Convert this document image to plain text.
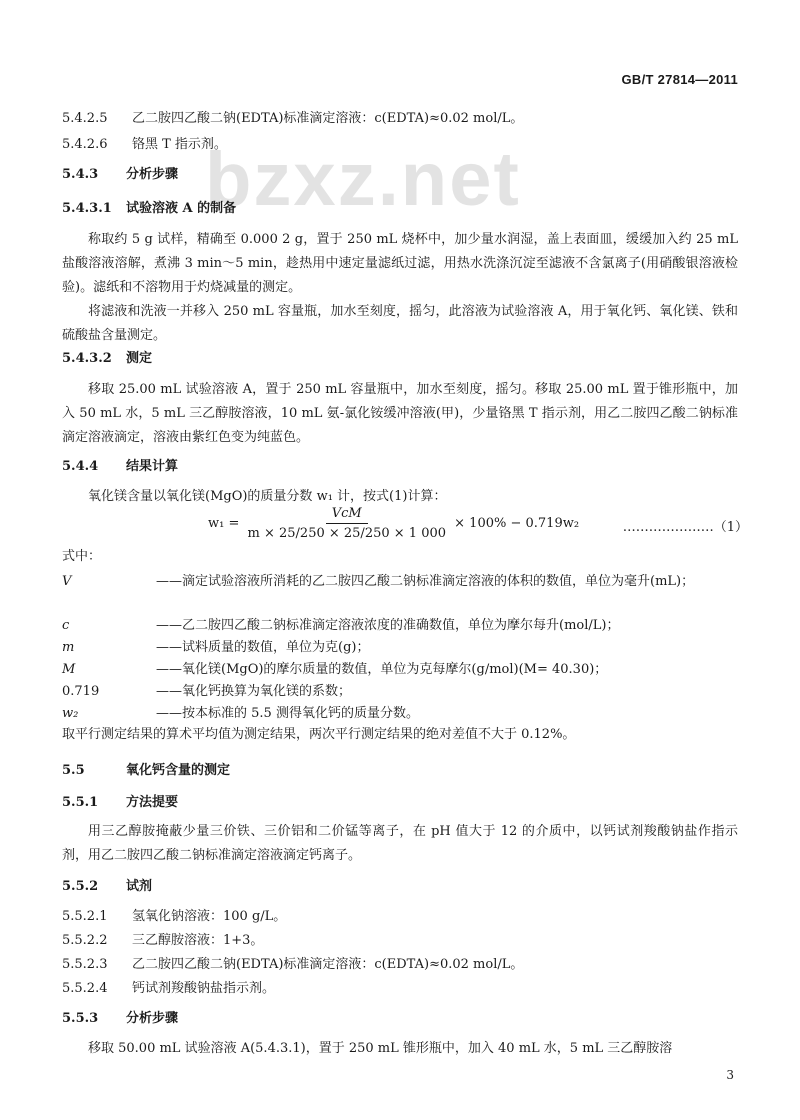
GB/T 27814—2011
bzxz.net
5.4.2.5 乙二胺四乙酸二钠(EDTA)标准滴定溶液：c(EDTA)≈0.02 mol/L。
5.4.2.6 铬黑 T 指示剂。
5.4.3 分析步骤
5.4.3.1 试验溶液 A 的制备
称取约 5 g 试样，精确至 0.000 2 g，置于 250 mL 烧杯中，加少量水润湿，盖上表面皿，缓缓加入约 25 mL 盐酸溶液溶解，煮沸 3 min～5 min，趁热用中速定量滤纸过滤，用热水洗涤沉淀至滤液不含氯离子(用硝酸银溶液检验)。滤纸和不溶物用于灼烧减量的测定。
将滤液和洗液一并移入 250 mL 容量瓶，加水至刻度，摇匀，此溶液为试验溶液 A，用于氧化钙、氧化镁、铁和硫酸盐含量测定。
5.4.3.2 测定
移取 25.00 mL 试验溶液 A，置于 250 mL 容量瓶中，加水至刻度，摇匀。移取 25.00 mL 置于锥形瓶中，加入 50 mL 水，5 mL 三乙醇胺溶液，10 mL 氨-氯化铵缓冲溶液(甲)，少量铬黑 T 指示剂，用乙二胺四乙酸二钠标准滴定溶液滴定，溶液由紫红色变为纯蓝色。
5.4.4 结果计算
氧化镁含量以氧化镁(MgO)的质量分数 w₁ 计，按式(1)计算：
w₁ =
VcM
m × 25/250 × 25/250 × 1 000
× 100% − 0.719w₂	…………………（1）
式中：
V	——滴定试验溶液所消耗的乙二胺四乙酸二钠标准滴定溶液的体积的数值，单位为毫升(mL)；
c	——乙二胺四乙酸二钠标准滴定溶液浓度的准确数值，单位为摩尔每升(mol/L)；
m	——试料质量的数值，单位为克(g)；
M	——氧化镁(MgO)的摩尔质量的数值，单位为克每摩尔(g/mol)(M= 40.30)；
0.719	——氧化钙换算为氧化镁的系数；
w₂	——按本标准的 5.5 测得氧化钙的质量分数。
取平行测定结果的算术平均值为测定结果，两次平行测定结果的绝对差值不大于 0.12%。
5.5	氧化钙含量的测定
5.5.1 方法提要
用三乙醇胺掩蔽少量三价铁、三价铝和二价锰等离子，在 pH 值大于 12 的介质中，以钙试剂羧酸钠盐作指示剂，用乙二胺四乙酸二钠标准滴定溶液滴定钙离子。
5.5.2 试剂
5.5.2.1 氢氧化钠溶液：100 g/L。
5.5.2.2 三乙醇胺溶液：1+3。
5.5.2.3 乙二胺四乙酸二钠(EDTA)标准滴定溶液：c(EDTA)≈0.02 mol/L。
5.5.2.4 钙试剂羧酸钠盐指示剂。
5.5.3 分析步骤
移取 50.00 mL 试验溶液 A(5.4.3.1)，置于 250 mL 锥形瓶中，加入 40 mL 水，5 mL 三乙醇胺溶
3
